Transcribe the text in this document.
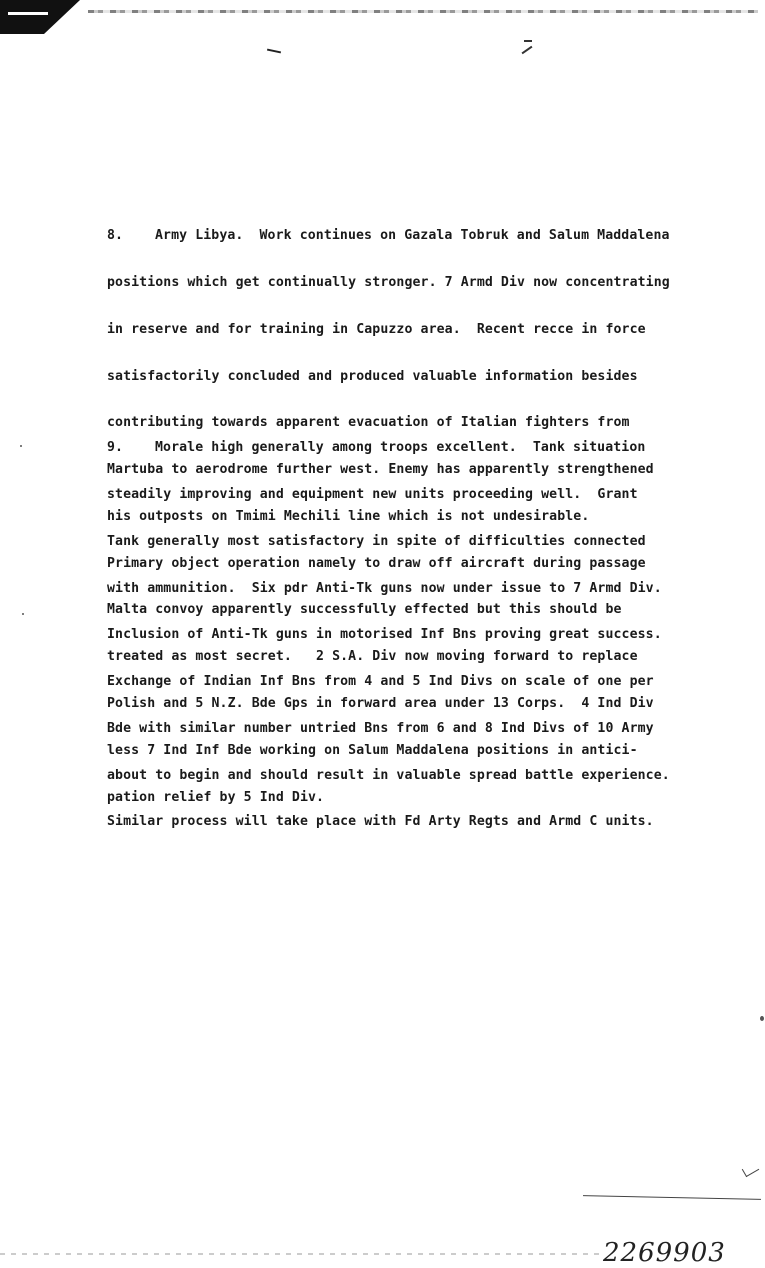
8. Army Libya.  Work continues on Gazala Tobruk and Salum Maddalena

positions which get continually stronger. 7 Armd Div now concentrating

in reserve and for training in Capuzzo area.  Recent recce in force

satisfactorily concluded and produced valuable information besides

contributing towards apparent evacuation of Italian fighters from

Martuba to aerodrome further west. Enemy has apparently strengthened

his outposts on Tmimi Mechili line which is not undesirable.

Primary object operation namely to draw off aircraft during passage

Malta convoy apparently successfully effected but this should be

treated as most secret.   2 S.A. Div now moving forward to replace

Polish and 5 N.Z. Bde Gps in forward area under 13 Corps.  4 Ind Div

less 7 Ind Inf Bde working on Salum Maddalena positions in antici-

pation relief by 5 Ind Div.

9. Morale high generally among troops excellent.  Tank situation

steadily improving and equipment new units proceeding well.  Grant

Tank generally most satisfactory in spite of difficulties connected

with ammunition.  Six pdr Anti-Tk guns now under issue to 7 Armd Div.

Inclusion of Anti-Tk guns in motorised Inf Bns proving great success.

Exchange of Indian Inf Bns from 4 and 5 Ind Divs on scale of one per

Bde with similar number untried Bns from 6 and 8 Ind Divs of 10 Army

about to begin and should result in valuable spread battle experience.

Similar process will take place with Fd Arty Regts and Armd C units.

2269903
